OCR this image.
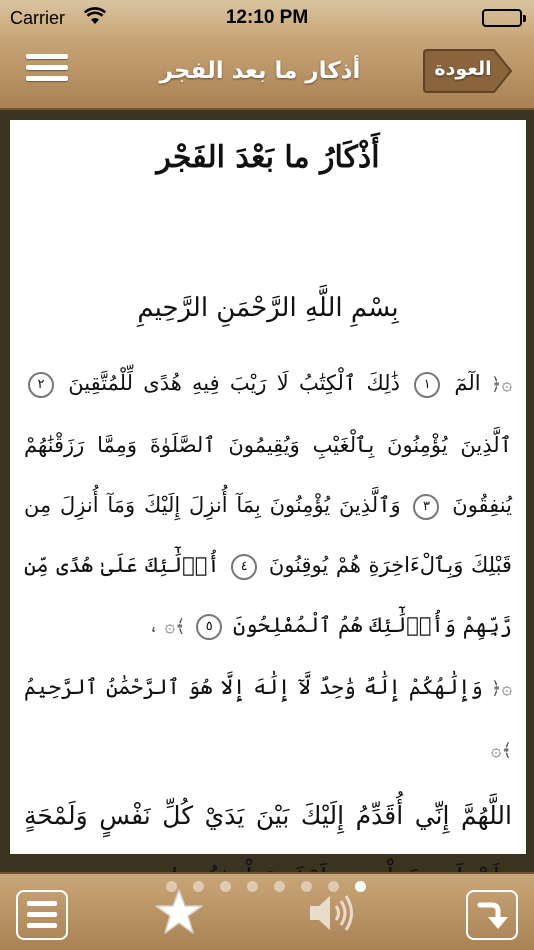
Carrier	12:10 PM
أذكار ما بعد الفجر	العودة
أَذْكَارُ ما بَعْدَ الفَجْر
بِسْمِ اللَّهِ الرَّحْمَنِ الرَّحِيمِ
۞﴿ الٓمٓ ١ ذَٰلِكَ ٱلْكِتَٰبُ لَا رَيْبَ فِيهِ هُدًى لِّلْمُتَّقِينَ ٢ ٱلَّذِينَ يُؤْمِنُونَ بِٱلْغَيْبِ وَيُقِيمُونَ ٱلصَّلَوٰةَ وَمِمَّا رَزَقْنَٰهُمْ يُنفِقُونَ ٣ وَٱلَّذِينَ يُؤْمِنُونَ بِمَآ أُنزِلَ إِلَيْكَ وَمَآ أُنزِلَ مِن قَبْلِكَ وَبِٱلْءَاخِرَةِ هُمْ يُوقِنُونَ ٤ أُو۟لَٰٓئِكَ عَلَىٰ هُدًى مِّن رَّبِّهِمْ وَأُو۟لَٰٓئِكَ هُمُ ٱلْمُفْلِحُونَ ٥ ﴾۞ ،
۞﴿ وَإِلَٰهُكُمْ إِلَٰهٌ وَٰحِدٌ لَّآ إِلَٰهَ إِلَّا هُوَ ٱلرَّحْمَٰنُ ٱلرَّحِيمُ ﴾۞
اللَّهُمَّ إِنِّي أُقَدِّمُ إِلَيْكَ بَيْنَ يَدَيْ كُلِّ نَفْسٍ وَلَمْحَةٍ
